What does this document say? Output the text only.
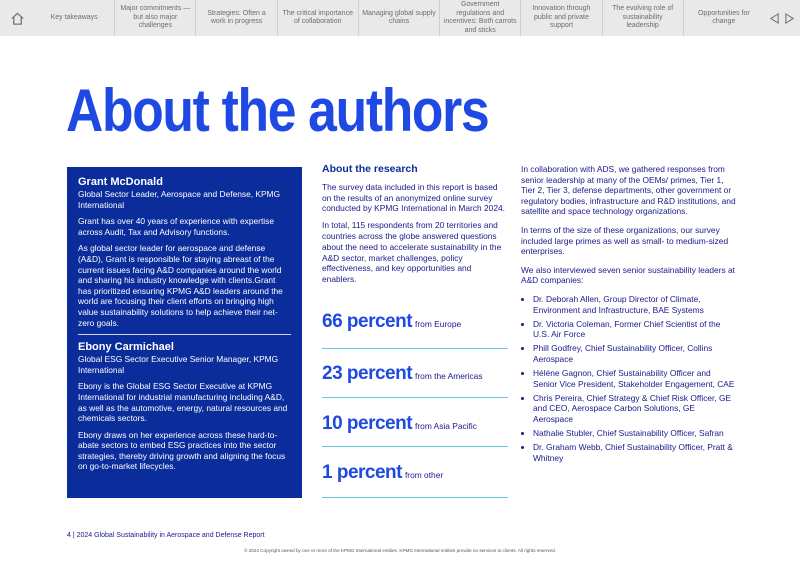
Key takeaways
Major commitments — but also major challenges
Strategies: Often a work in progress
The critical importance of collaboration
Managing global supply chains
Government regulations and incentives: Both carrots and sticks
Innovation through public and private support
The evolving role of sustainability leadership
Opportunities for change
About the authors

Grant McDonald

Global Sector Leader, Aerospace and Defense, KPMG International

Grant has over 40 years of experience with expertise across Audit, Tax and Advisory functions.

As global sector leader for aerospace and defense (A&D), Grant is responsible for staying abreast of the current issues facing A&D companies around the world and sharing his industry knowledge with clients.Grant has prioritized ensuring KPMG A&D leaders around the world are focusing their client efforts on bringing high value sustainability solutions to help achieve their net-zero goals.

Ebony Carmichael

Global ESG Sector Executive Senior Manager, KPMG International

Ebony is the Global ESG Sector Executive at KPMG International for industrial manufacturing including A&D, as well as the automotive, energy, natural resources and chemicals sectors.

Ebony draws on her experience across these hard-to-abate sectors to embed ESG practices into the sector strategies, thereby driving growth and aligning the focus on go-to-market lifecycles.

About the research

The survey data included in this report is based on the results of an anonymized online survey conducted by KPMG International in March 2024.

In total, 115 respondents from 20 territories and countries across the globe answered questions about the need to accelerate sustainability in the A&D sector, market challenges, policy effectiveness, and key opportunities and enablers.

66 percent from Europe
23 percent from the Americas
10 percent from Asia Pacific
1 percent from other

In collaboration with ADS, we gathered responses from senior leadership at many of the OEMs/ primes, Tier 1, Tier 2, Tier 3, defense departments, other government or regulatory bodies, infrastructure and R&D institutions, and satellite and space technology organizations.

In terms of the size of these organizations, our survey included large primes as well as small- to medium-sized enterprises.

We also interviewed seven senior sustainability leaders at A&D companies:

• Dr. Deborah Allen, Group Director of Climate, Environment and Infrastructure, BAE Systems
• Dr. Victoria Coleman, Former Chief Scientist of the U.S. Air Force
• Phill Godfrey, Chief Sustainability Officer, Collins Aerospace
• Hélène Gagnon, Chief Sustainability Officer and Senior Vice President, Stakeholder Engagement, CAE
• Chris Pereira, Chief Strategy & Chief Risk Officer, GE and CEO, Aerospace Carbon Solutions, GE Aerospace
• Nathalie Stubler, Chief Sustainability Officer, Safran
• Dr. Graham Webb, Chief Sustainability Officer, Pratt & Whitney
4 | 2024 Global Sustainability in Aerospace and Defense Report
© 2024 Copyright owned by one or more of the KPMG International entities. KPMG International entities provide no services to clients. All rights reserved.
